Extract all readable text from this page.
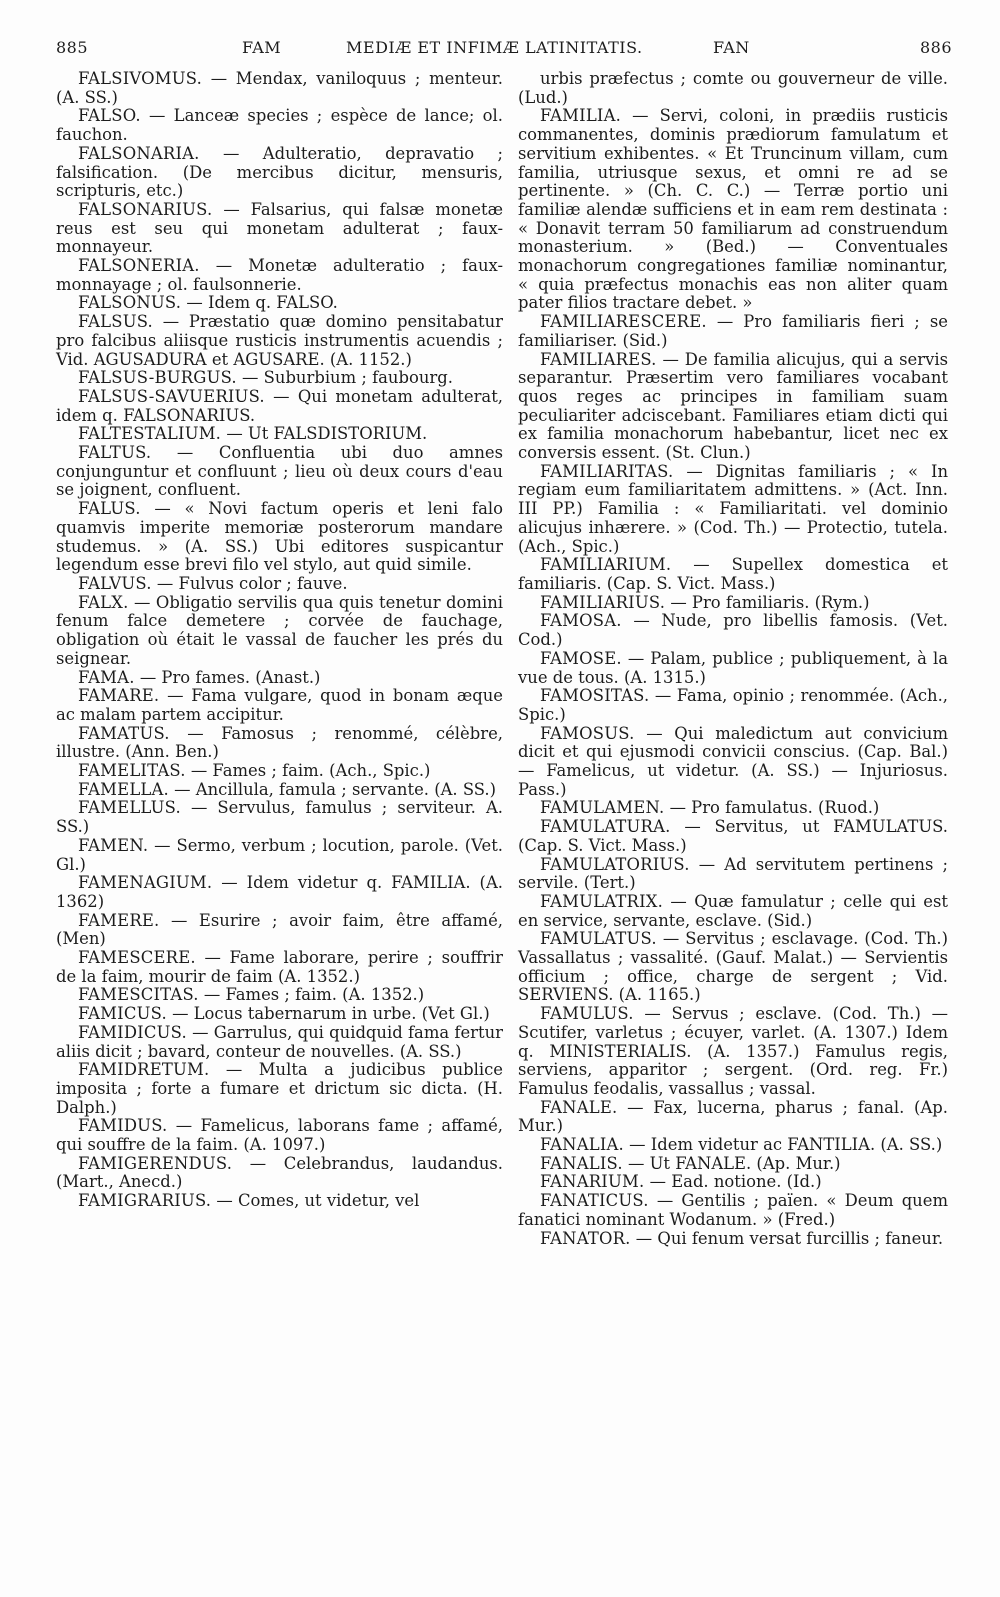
885	FAM	MEDIÆ ET INFIMÆ LATINITATIS.	FAN	886

FALSIVOMUS. — Mendax, vaniloquus ; menteur. (A. SS.)

FALSO. — Lanceæ species ; espèce de lance; ol. fauchon.

FALSONARIA. — Adulteratio, depravatio ; falsification. (De mercibus dicitur, mensuris, scripturis, etc.)

FALSONARIUS. — Falsarius, qui falsæ monetæ reus est seu qui monetam adulterat ; faux-monnayeur.

FALSONERIA. — Monetæ adulteratio ; faux-monnayage ; ol. faulsonnerie.

FALSONUS. — Idem q. FALSO.

FALSUS. — Præstatio quæ domino pensitabatur pro falcibus aliisque rusticis instrumentis acuendis ; Vid. AGUSADURA et AGUSARE. (A. 1152.)

FALSUS-BURGUS. — Suburbium ; faubourg.

FALSUS-SAVUERIUS. — Qui monetam adulterat, idem q. FALSONARIUS.

FALTESTALIUM. — Ut FALSDISTORIUM.

FALTUS. — Confluentia ubi duo amnes conjunguntur et confluunt ; lieu où deux cours d'eau se joignent, confluent.

FALUS. — « Novi factum operis et leni falo quamvis imperite memoriæ posterorum mandare studemus. » (A. SS.) Ubi editores suspicantur legendum esse brevi filo vel stylo, aut quid simile.

FALVUS. — Fulvus color ; fauve.

FALX. — Obligatio servilis qua quis tenetur domini fenum falce demetere ; corvée de fauchage, obligation où était le vassal de faucher les prés du seignear.

FAMA. — Pro fames. (Anast.)

FAMARE. — Fama vulgare, quod in bonam æque ac malam partem accipitur.

FAMATUS. — Famosus ; renommé, célèbre, illustre. (Ann. Ben.)

FAMELITAS. — Fames ; faim. (Ach., Spic.)

FAMELLA. — Ancillula, famula ; servante. (A. SS.)

FAMELLUS. — Servulus, famulus ; serviteur. A. SS.)

FAMEN. — Sermo, verbum ; locution, parole. (Vet. Gl.)

FAMENAGIUM. — Idem videtur q. FAMILIA. (A. 1362)

FAMERE. — Esurire ; avoir faim, être affamé, (Men)

FAMESCERE. — Fame laborare, perire ; souffrir de la faim, mourir de faim (A. 1352.)

FAMESCITAS. — Fames ; faim. (A. 1352.)

FAMICUS. — Locus tabernarum in urbe. (Vet Gl.)

FAMIDICUS. — Garrulus, qui quidquid fama fertur aliis dicit ; bavard, conteur de nouvelles. (A. SS.)

FAMIDRETUM. — Multa a judicibus publice imposita ; forte a fumare et drictum sic dicta. (H. Dalph.)

FAMIDUS. — Famelicus, laborans fame ; affamé, qui souffre de la faim. (A. 1097.)

FAMIGERENDUS. — Celebrandus, laudandus. (Mart., Anecd.)

FAMIGRARIUS. — Comes, ut videtur, vel

urbis præfectus ; comte ou gouverneur de ville. (Lud.)

FAMILIA. — Servi, coloni, in prædiis rusticis commanentes, dominis prædiorum famulatum et servitium exhibentes. « Et Truncinum villam, cum familia, utriusque sexus, et omni re ad se pertinente. » (Ch. C. C.) — Terræ portio uni familiæ alendæ sufficiens et in eam rem destinata : « Donavit terram 50 familiarum ad construendum monasterium. » (Bed.) — Conventuales monachorum congregationes familiæ nominantur, « quia præfectus monachis eas non aliter quam pater filios tractare debet. »

FAMILIARESCERE. — Pro familiaris fieri ; se familiariser. (Sid.)

FAMILIARES. — De familia alicujus, qui a servis separantur. Præsertim vero familiares vocabant quos reges ac principes in familiam suam peculiariter adciscebant. Familiares etiam dicti qui ex familia monachorum habebantur, licet nec ex conversis essent. (St. Clun.)

FAMILIARITAS. — Dignitas familiaris ; « In regiam eum familiaritatem admittens. » (Act. Inn. III PP.) Familia : « Familiaritati. vel dominio alicujus inhærere. » (Cod. Th.) — Protectio, tutela. (Ach., Spic.)

FAMILIARIUM. — Supellex domestica et familiaris. (Cap. S. Vict. Mass.)

FAMILIARIUS. — Pro familiaris. (Rym.)

FAMOSA. — Nude, pro libellis famosis. (Vet. Cod.)

FAMOSE. — Palam, publice ; publiquement, à la vue de tous. (A. 1315.)

FAMOSITAS. — Fama, opinio ; renommée. (Ach., Spic.)

FAMOSUS. — Qui maledictum aut convicium dicit et qui ejusmodi convicii conscius. (Cap. Bal.) — Famelicus, ut videtur. (A. SS.) — Injuriosus. Pass.)

FAMULAMEN. — Pro famulatus. (Ruod.)

FAMULATURA. — Servitus, ut FAMULATUS. (Cap. S. Vict. Mass.)

FAMULATORIUS. — Ad servitutem pertinens ; servile. (Tert.)

FAMULATRIX. — Quæ famulatur ; celle qui est en service, servante, esclave. (Sid.)

FAMULATUS. — Servitus ; esclavage. (Cod. Th.) Vassallatus ; vassalité. (Gauf. Malat.) — Servientis officium ; office, charge de sergent ; Vid. SERVIENS. (A. 1165.)

FAMULUS. — Servus ; esclave. (Cod. Th.) — Scutifer, varletus ; écuyer, varlet. (A. 1307.) Idem q. MINISTERIALIS. (A. 1357.) Famulus regis, serviens, apparitor ; sergent. (Ord. reg. Fr.) Famulus feodalis, vassallus ; vassal.

FANALE. — Fax, lucerna, pharus ; fanal. (Ap. Mur.)

FANALIA. — Idem videtur ac FANTILIA. (A. SS.)

FANALIS. — Ut FANALE. (Ap. Mur.)

FANARIUM. — Ead. notione. (Id.)

FANATICUS. — Gentilis ; païen. « Deum quem fanatici nominant Wodanum. » (Fred.)

FANATOR. — Qui fenum versat furcillis ; faneur.
